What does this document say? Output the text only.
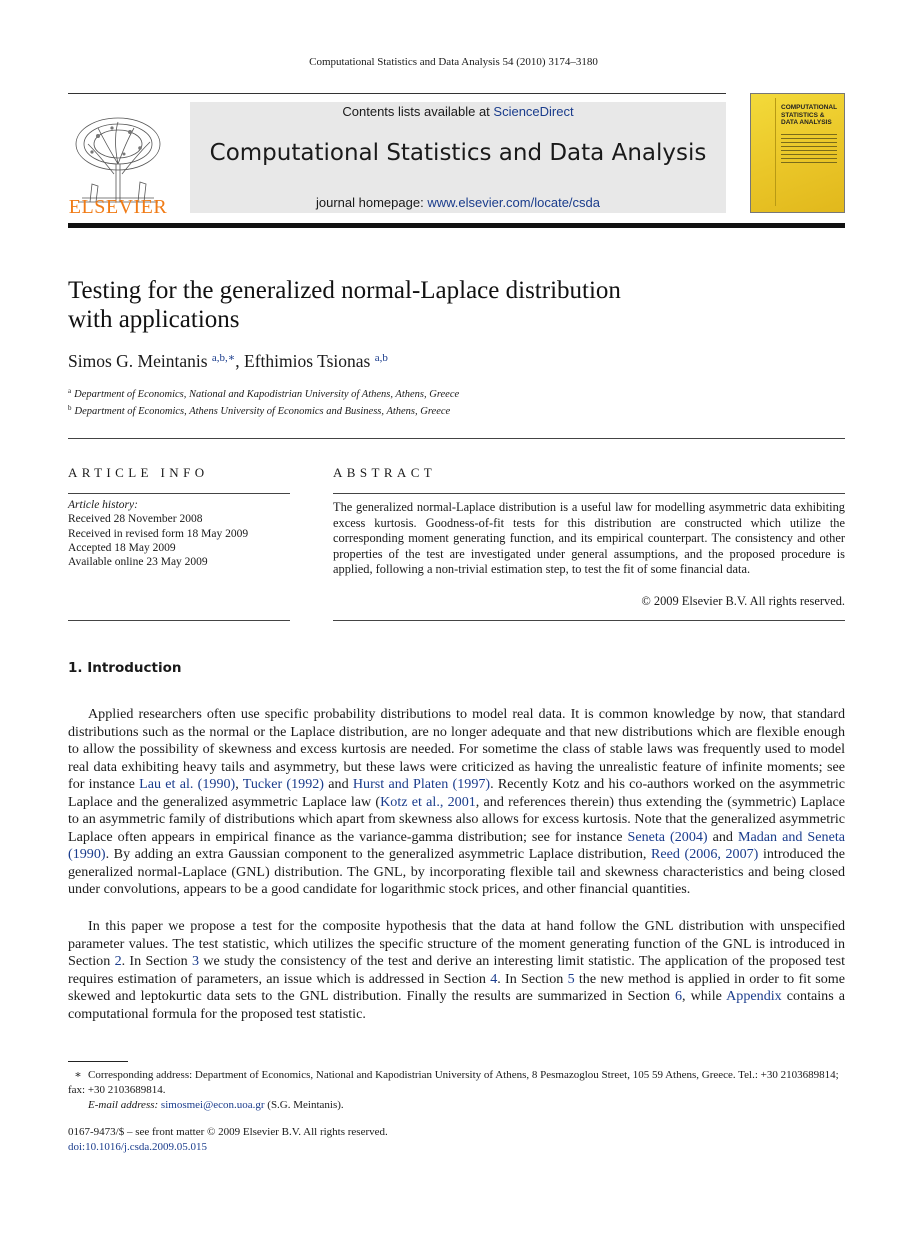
Computational Statistics and Data Analysis 54 (2010) 3174–3180
ELSEVIER
Contents lists available at ScienceDirect
Computational Statistics and Data Analysis
journal homepage: www.elsevier.com/locate/csda
COMPUTATIONAL STATISTICS & DATA ANALYSIS
Testing for the generalized normal-Laplace distribution
with applications
Simos G. Meintanis $^{a,b,∗}$, Efthimios Tsionas $^{a,b}$
$^a$ Department of Economics, National and Kapodistrian University of Athens, Athens, Greece
$^b$ Department of Economics, Athens University of Economics and Business, Athens, Greece
ARTICLE INFO
Article history:
Received 28 November 2008
Received in revised form 18 May 2009
Accepted 18 May 2009
Available online 23 May 2009
ABSTRACT
The generalized normal-Laplace distribution is a useful law for modelling asymmetric data exhibiting excess kurtosis. Goodness-of-fit tests for this distribution are constructed which utilize the corresponding moment generating function, and its empirical counterpart. The consistency and other properties of the test are investigated under general assumptions, and the proposed procedure is applied, following a non-trivial estimation step, to test the fit of some financial data.
© 2009 Elsevier B.V. All rights reserved.
1. Introduction

Applied researchers often use specific probability distributions to model real data. It is common knowledge by now, that standard distributions such as the normal or the Laplace distribution, are no longer adequate and that new distributions which are flexible enough to allow the possibility of skewness and excess kurtosis are needed. For sometime the class of stable laws was frequently used to model real data exhibiting heavy tails and asymmetry, but these laws were criticized as having the unrealistic feature of infinite moments; see for instance Lau et al. (1990), Tucker (1992) and Hurst and Platen (1997). Recently Kotz and his co-authors worked on the asymmetric Laplace and the generalized asymmetric Laplace law (Kotz et al., 2001, and references therein) thus extending the (symmetric) Laplace to an asymmetric family of distributions which apart from skewness also allows for excess kurtosis. Note that the generalized asymmetric Laplace often appears in empirical finance as the variance-gamma distribution; see for instance Seneta (2004) and Madan and Seneta (1990). By adding an extra Gaussian component to the generalized asymmetric Laplace distribution, Reed (2006, 2007) introduced the generalized normal-Laplace (GNL) distribution. The GNL, by incorporating flexible tail and skewness characteristics and being closed under convolutions, appears to be a good candidate for logarithmic stock prices, and other financial quantities.

In this paper we propose a test for the composite hypothesis that the data at hand follow the GNL distribution with unspecified parameter values. The test statistic, which utilizes the specific structure of the moment generating function of the GNL is introduced in Section 2. In Section 3 we study the consistency of the test and derive an interesting limit statistic. The application of the proposed test requires estimation of parameters, an issue which is addressed in Section 4. In Section 5 the new method is applied in order to fit some skewed and leptokurtic data sets to the GNL distribution. Finally the results are summarized in Section 6, while Appendix contains a computational formula for the proposed test statistic.

∗ Corresponding address: Department of Economics, National and Kapodistrian University of Athens, 8 Pesmazoglou Street, 105 59 Athens, Greece. Tel.: +30 2103689814; fax: +30 2103689814.
E-mail address: simosmei@econ.uoa.gr (S.G. Meintanis).
0167-9473/$ – see front matter © 2009 Elsevier B.V. All rights reserved.
doi:10.1016/j.csda.2009.05.015
